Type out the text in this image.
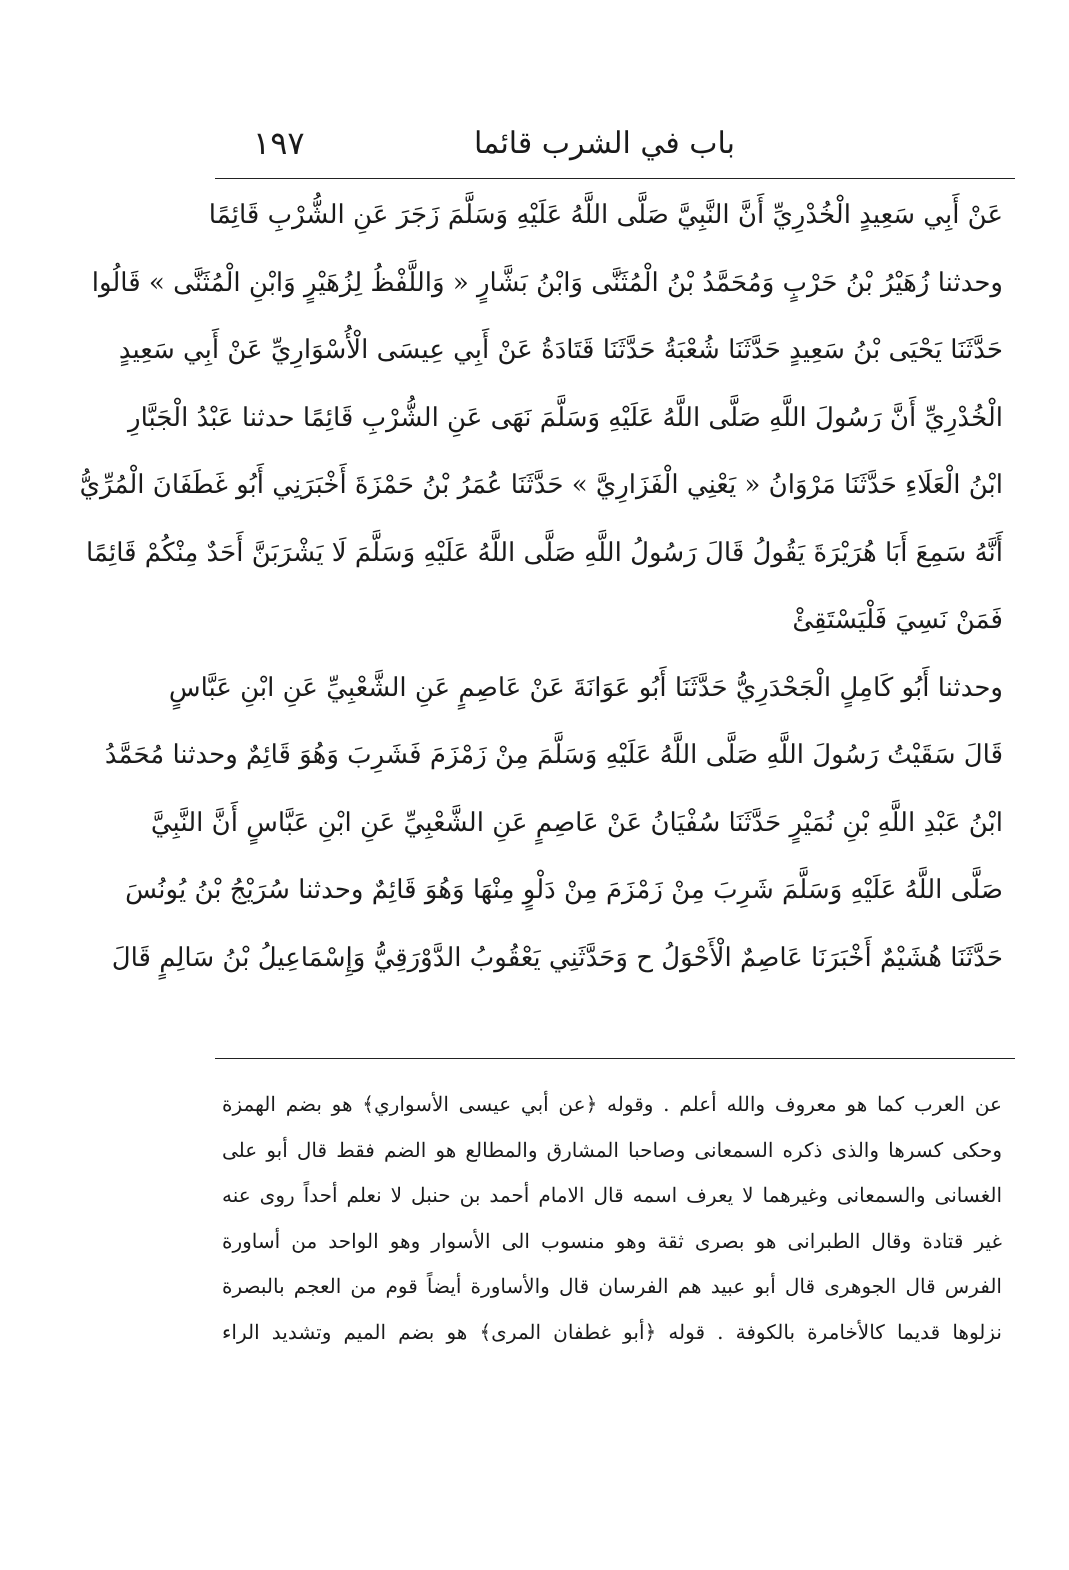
باب في الشرب قائما
١٩٧
عَنْ أَبِي سَعِيدٍ الْخُدْرِيِّ أَنَّ النَّبِيَّ صَلَّى اللَّهُ عَلَيْهِ وَسَلَّمَ زَجَرَ عَنِ الشُّرْبِ قَائِمًا
وحدثنا زُهَيْرُ بْنُ حَرْبٍ وَمُحَمَّدُ بْنُ الْمُثَنَّى وَابْنُ بَشَّارٍ « وَاللَّفْظُ لِزُهَيْرٍ وَابْنِ الْمُثَنَّى » قَالُوا
حَدَّثَنَا يَحْيَى بْنُ سَعِيدٍ حَدَّثَنَا شُعْبَةُ حَدَّثَنَا قَتَادَةُ عَنْ أَبِي عِيسَى الْأُسْوَارِيِّ عَنْ أَبِي سَعِيدٍ
الْخُدْرِيِّ أَنَّ رَسُولَ اللَّهِ صَلَّى اللَّهُ عَلَيْهِ وَسَلَّمَ نَهَى عَنِ الشُّرْبِ قَائِمًا حدثنا عَبْدُ الْجَبَّارِ
ابْنُ الْعَلَاءِ حَدَّثَنَا مَرْوَانُ « يَعْنِي الْفَزَارِيَّ » حَدَّثَنَا عُمَرُ بْنُ حَمْزَةَ أَخْبَرَنِي أَبُو غَطَفَانَ الْمُرِّيُّ
أَنَّهُ سَمِعَ أَبَا هُرَيْرَةَ يَقُولُ قَالَ رَسُولُ اللَّهِ صَلَّى اللَّهُ عَلَيْهِ وَسَلَّمَ لَا يَشْرَبَنَّ أَحَدٌ مِنْكُمْ قَائِمًا
فَمَنْ نَسِيَ فَلْيَسْتَقِئْ
وحدثنا أَبُو كَامِلٍ الْجَحْدَرِيُّ حَدَّثَنَا أَبُو عَوَانَةَ عَنْ عَاصِمٍ عَنِ الشَّعْبِيِّ عَنِ ابْنِ عَبَّاسٍ
قَالَ سَقَيْتُ رَسُولَ اللَّهِ صَلَّى اللَّهُ عَلَيْهِ وَسَلَّمَ مِنْ زَمْزَمَ فَشَرِبَ وَهُوَ قَائِمٌ وحدثنا مُحَمَّدُ
ابْنُ عَبْدِ اللَّهِ بْنِ نُمَيْرٍ حَدَّثَنَا سُفْيَانُ عَنْ عَاصِمٍ عَنِ الشَّعْبِيِّ عَنِ ابْنِ عَبَّاسٍ أَنَّ النَّبِيَّ
صَلَّى اللَّهُ عَلَيْهِ وَسَلَّمَ شَرِبَ مِنْ زَمْزَمَ مِنْ دَلْوٍ مِنْهَا وَهُوَ قَائِمٌ وحدثنا سُرَيْجُ بْنُ يُونُسَ
حَدَّثَنَا هُشَيْمٌ أَخْبَرَنَا عَاصِمٌ الْأَحْوَلُ ح وَحَدَّثَنِي يَعْقُوبُ الدَّوْرَقِيُّ وَإِسْمَاعِيلُ بْنُ سَالِمٍ قَالَ
عن العرب كما هو معروف والله أعلم . وقوله ﴿عن أبي عيسى الأسواري﴾ هو بضم الهمزة
وحكى كسرها والذى ذكره السمعانى وصاحبا المشارق والمطالع هو الضم فقط قال أبو على
الغسانى والسمعانى وغيرهما لا يعرف اسمه قال الامام أحمد بن حنبل لا نعلم أحداً روى عنه
غير قتادة وقال الطبرانى هو بصرى ثقة وهو منسوب الى الأسوار وهو الواحد من أساورة
الفرس قال الجوهرى قال أبو عبيد هم الفرسان قال والأساورة أيضاً قوم من العجم بالبصرة
نزلوها قديما كالأخامرة بالكوفة . قوله ﴿أبو غطفان المرى﴾ هو بضم الميم وتشديد الراء
